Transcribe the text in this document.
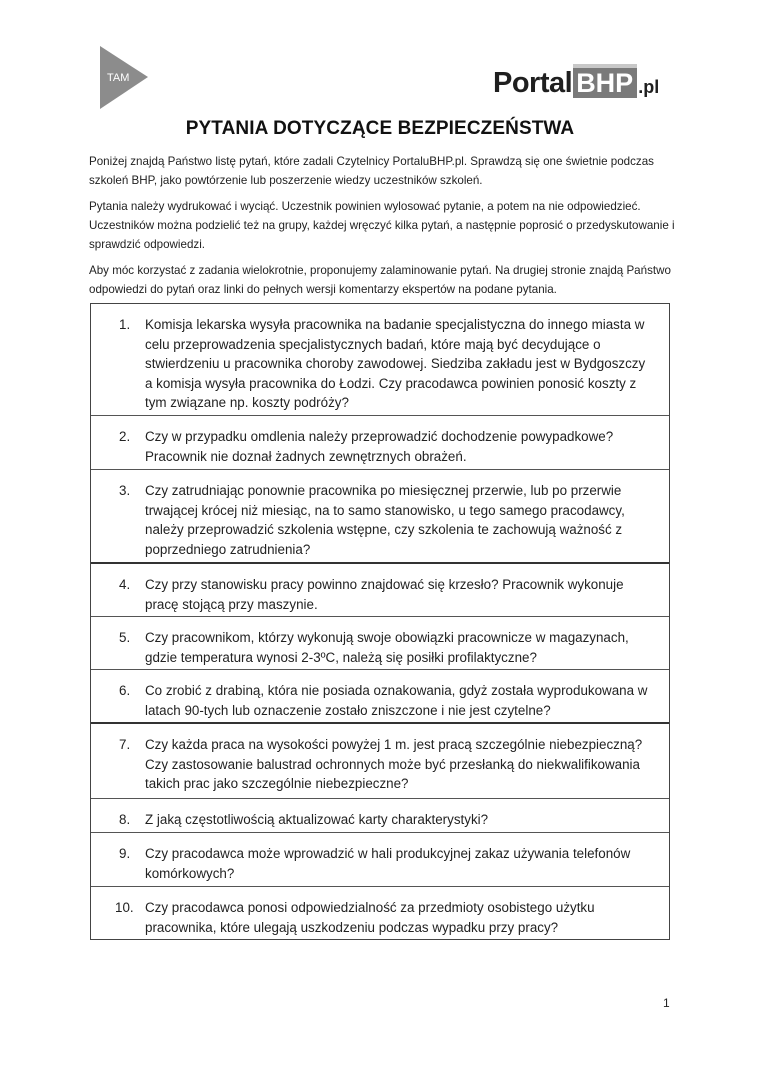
TAM	Portal BHP .pl
PYTANIA DOTYCZĄCE BEZPIECZEŃSTWA

Poniżej znajdą Państwo listę pytań, które zadali Czytelnicy PortaluBHP.pl. Sprawdzą się one świetnie podczas szkoleń BHP, jako powtórzenie lub poszerzenie wiedzy uczestników szkoleń.

Pytania należy wydrukować i wyciąć. Uczestnik powinien wylosować pytanie, a potem na nie odpowiedzieć. Uczestników można podzielić też na grupy, każdej wręczyć kilka pytań, a następnie poprosić o przedyskutowanie i sprawdzić odpowiedzi.

Aby móc korzystać z zadania wielokrotnie, proponujemy zalaminowanie pytań. Na drugiej stronie znajdą Państwo odpowiedzi do pytań oraz linki do pełnych wersji komentarzy ekspertów na podane pytania.

1.	Komisja lekarska wysyła pracownika na badanie specjalistyczna do innego miasta w celu przeprowadzenia specjalistycznych badań, które mają być decydujące o stwierdzeniu u pracownika choroby zawodowej. Siedziba zakładu jest w Bydgoszczy a komisja wysyła pracownika do Łodzi. Czy pracodawca powinien ponosić koszty z tym związane np. koszty podróży?
2.	Czy w przypadku omdlenia należy przeprowadzić dochodzenie powypadkowe? Pracownik nie doznał żadnych zewnętrznych obrażeń.
3.	Czy zatrudniając ponownie pracownika po miesięcznej przerwie, lub po przerwie trwającej krócej niż miesiąc, na to samo stanowisko, u tego samego pracodawcy, należy przeprowadzić szkolenia wstępne, czy szkolenia te zachowują ważność z poprzedniego zatrudnienia?
4.	Czy przy stanowisku pracy powinno znajdować się krzesło? Pracownik wykonuje pracę stojącą przy maszynie.
5.	Czy pracownikom, którzy wykonują swoje obowiązki pracownicze w magazynach, gdzie temperatura wynosi 2-3ºC, należą się posiłki profilaktyczne?
6.	Co zrobić z drabiną, która nie posiada oznakowania, gdyż została wyprodukowana w latach 90-tych lub oznaczenie zostało zniszczone i nie jest czytelne?
7.	Czy każda praca na wysokości powyżej 1 m. jest pracą szczególnie niebezpieczną? Czy zastosowanie balustrad ochronnych może być przesłanką do niekwalifikowania takich prac jako szczególnie niebezpieczne?
8.	Z jaką częstotliwością aktualizować karty charakterystyki?
9.	Czy pracodawca może wprowadzić w hali produkcyjnej zakaz używania telefonów komórkowych?
10. Czy pracodawca ponosi odpowiedzialność za przedmioty osobistego użytku pracownika, które ulegają uszkodzeniu podczas wypadku przy pracy?
1
